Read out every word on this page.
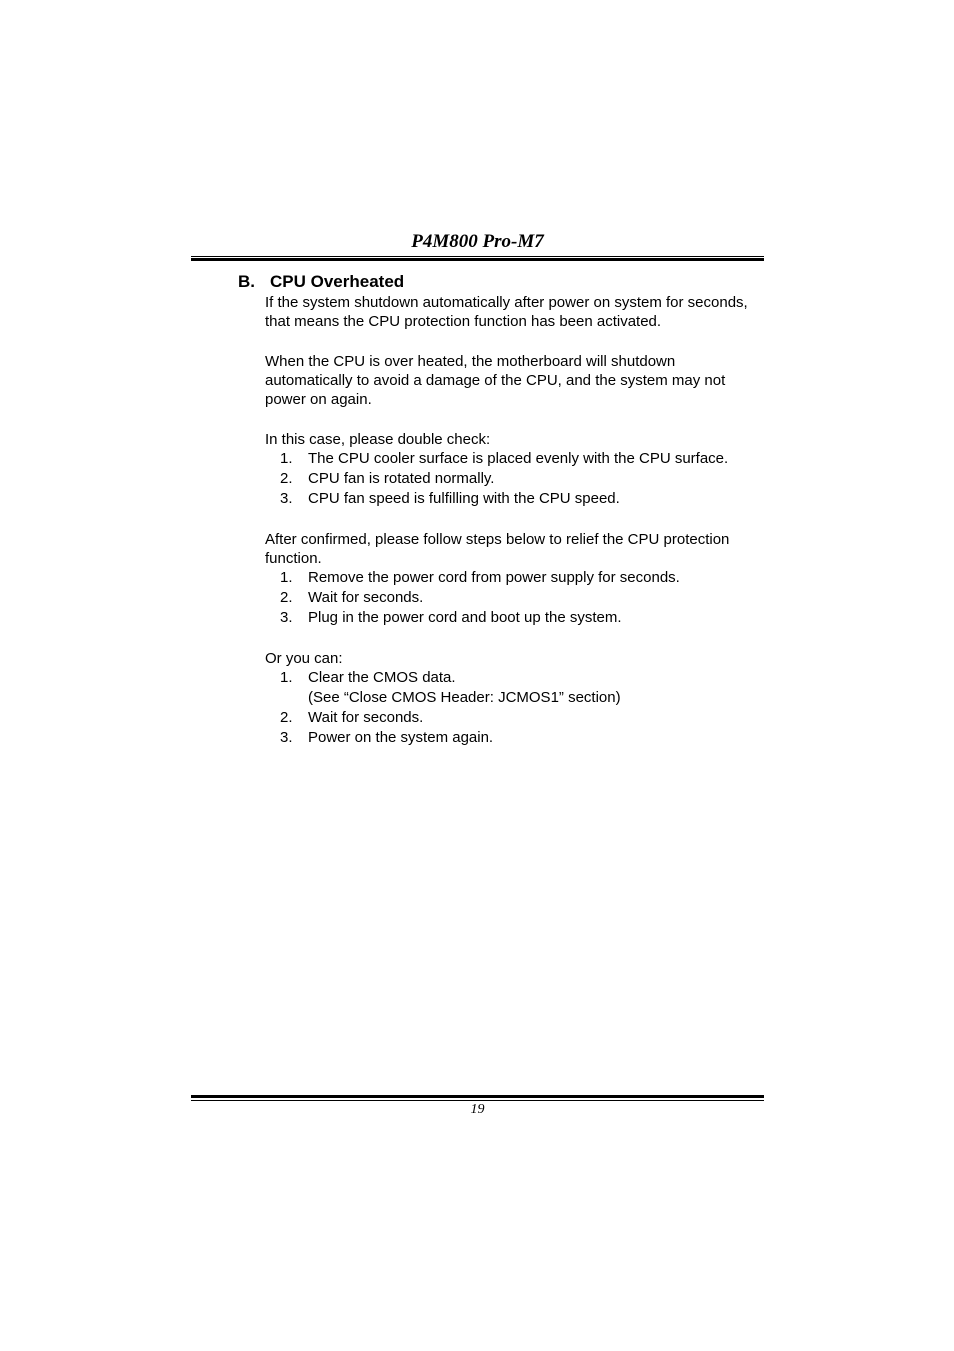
P4M800 Pro-M7
B. CPU Overheated

If the system shutdown automatically after power on system for seconds, that means the CPU protection function has been activated.

When the CPU is over heated, the motherboard will shutdown automatically to avoid a damage of the CPU, and the system may not power on again.

In this case, please double check:

1. The CPU cooler surface is placed evenly with the CPU surface.
2. CPU fan is rotated normally.
3. CPU fan speed is fulfilling with the CPU speed.

After confirmed, please follow steps below to relief the CPU protection function.

1. Remove the power cord from power supply for seconds.
2. Wait for seconds.
3. Plug in the power cord and boot up the system.

Or you can:

1. Clear the CMOS data.
(See “Close CMOS Header: JCMOS1” section)
2. Wait for seconds.
3. Power on the system again.
19
